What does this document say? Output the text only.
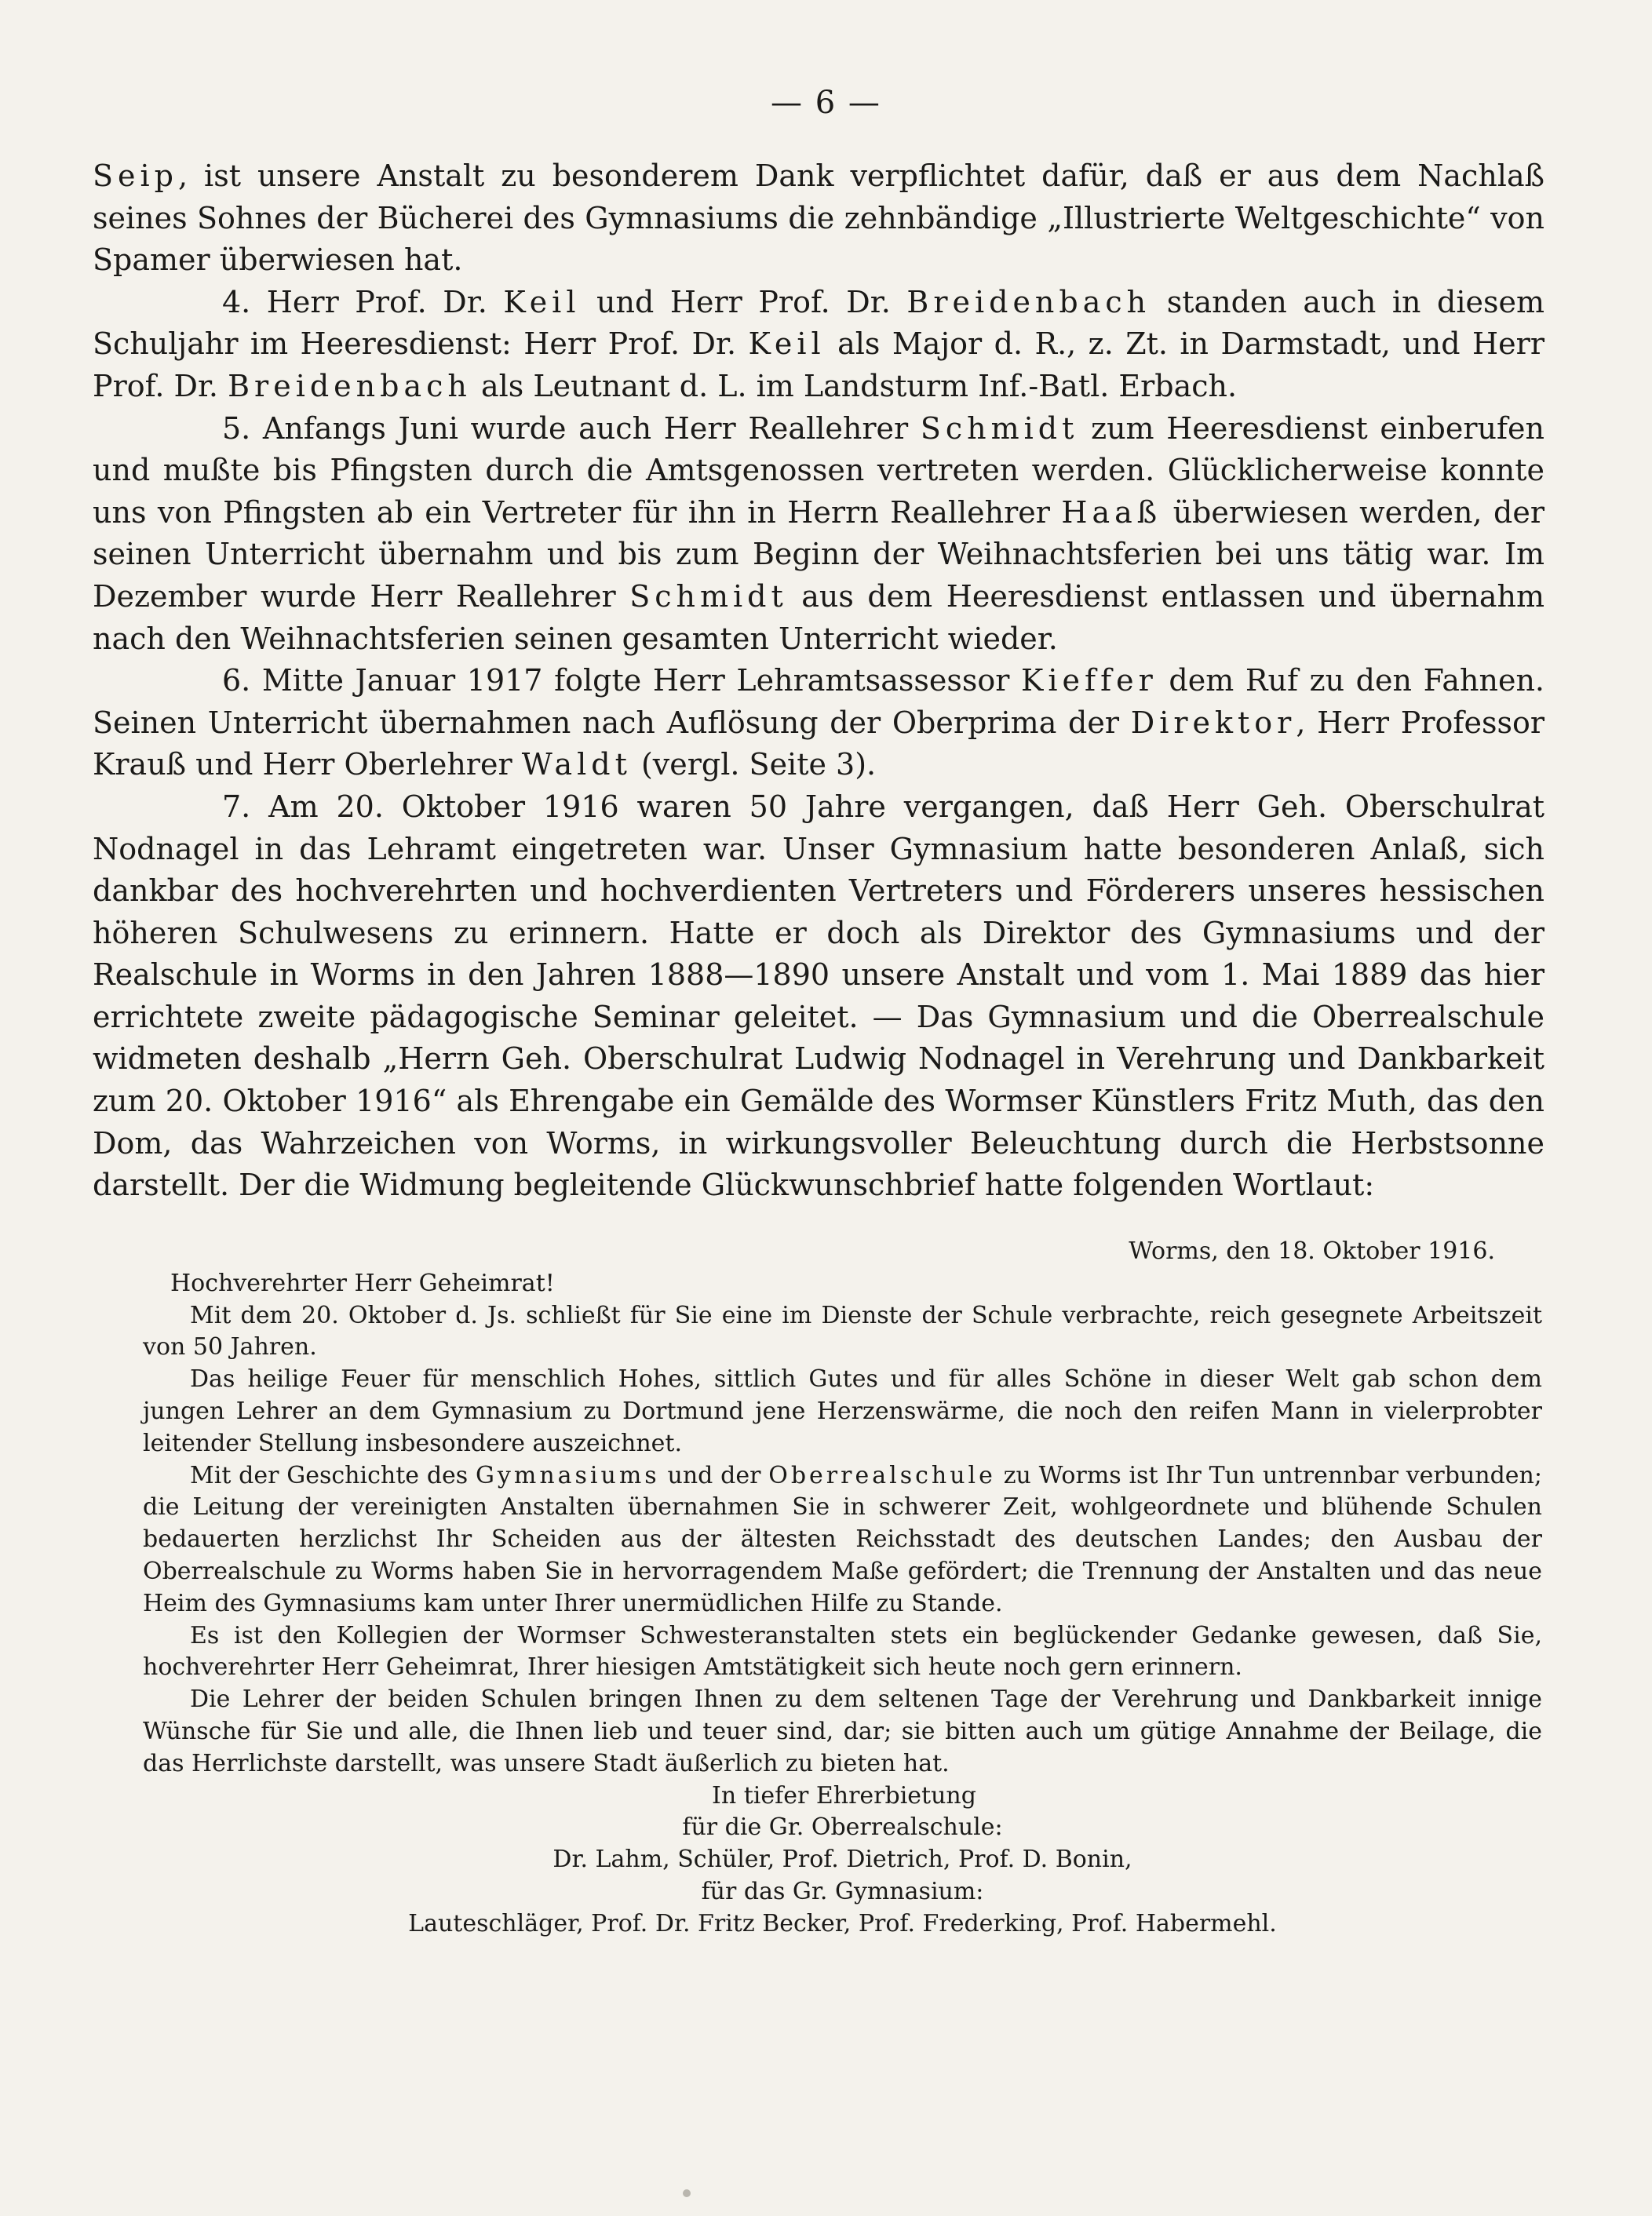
— 6 —

Seip, ist unsere Anstalt zu besonderem Dank verpflichtet dafür, daß er aus dem Nachlaß seines Sohnes der Bücherei des Gymnasiums die zehnbändige „Illustrierte Weltgeschichte“ von Spamer überwiesen hat.

4. Herr Prof. Dr. Keil und Herr Prof. Dr. Breidenbach standen auch in diesem Schuljahr im Heeresdienst: Herr Prof. Dr. Keil als Major d. R., z. Zt. in Darmstadt, und Herr Prof. Dr. Breidenbach als Leutnant d. L. im Landsturm Inf.-Batl. Erbach.

5. Anfangs Juni wurde auch Herr Reallehrer Schmidt zum Heeresdienst einberufen und mußte bis Pfingsten durch die Amtsgenossen vertreten werden. Glücklicherweise konnte uns von Pfingsten ab ein Vertreter für ihn in Herrn Reallehrer Haaß überwiesen werden, der seinen Unterricht übernahm und bis zum Beginn der Weihnachtsferien bei uns tätig war. Im Dezember wurde Herr Reallehrer Schmidt aus dem Heeresdienst entlassen und übernahm nach den Weihnachtsferien seinen gesamten Unterricht wieder.

6. Mitte Januar 1917 folgte Herr Lehramtsassessor Kieffer dem Ruf zu den Fahnen. Seinen Unterricht übernahmen nach Auflösung der Oberprima der Direktor, Herr Professor Krauß und Herr Oberlehrer Waldt (vergl. Seite 3).

7. Am 20. Oktober 1916 waren 50 Jahre vergangen, daß Herr Geh. Oberschulrat Nodnagel in das Lehramt eingetreten war. Unser Gymnasium hatte besonderen Anlaß, sich dankbar des hochverehrten und hochverdienten Vertreters und Förderers unseres hessischen höheren Schulwesens zu erinnern. Hatte er doch als Direktor des Gymnasiums und der Realschule in Worms in den Jahren 1888—1890 unsere Anstalt und vom 1. Mai 1889 das hier errichtete zweite pädagogische Seminar geleitet. — Das Gymnasium und die Oberrealschule widmeten deshalb „Herrn Geh. Oberschulrat Ludwig Nodnagel in Verehrung und Dankbarkeit zum 20. Oktober 1916“ als Ehrengabe ein Gemälde des Wormser Künstlers Fritz Muth, das den Dom, das Wahrzeichen von Worms, in wirkungsvoller Beleuchtung durch die Herbstsonne darstellt. Der die Widmung begleitende Glückwunschbrief hatte folgenden Wortlaut:

Worms, den 18. Oktober 1916.

Hochverehrter Herr Geheimrat!

Mit dem 20. Oktober d. Js. schließt für Sie eine im Dienste der Schule verbrachte, reich gesegnete Arbeitszeit von 50 Jahren.

Das heilige Feuer für menschlich Hohes, sittlich Gutes und für alles Schöne in dieser Welt gab schon dem jungen Lehrer an dem Gymnasium zu Dortmund jene Herzenswärme, die noch den reifen Mann in vielerprobter leitender Stellung insbesondere auszeichnet.

Mit der Geschichte des Gymnasiums und der Oberrealschule zu Worms ist Ihr Tun untrennbar verbunden; die Leitung der vereinigten Anstalten übernahmen Sie in schwerer Zeit, wohlgeordnete und blühende Schulen bedauerten herzlichst Ihr Scheiden aus der ältesten Reichsstadt des deutschen Landes; den Ausbau der Oberrealschule zu Worms haben Sie in hervorragendem Maße gefördert; die Trennung der Anstalten und das neue Heim des Gymnasiums kam unter Ihrer unermüdlichen Hilfe zu Stande.

Es ist den Kollegien der Wormser Schwesteranstalten stets ein beglückender Gedanke gewesen, daß Sie, hochverehrter Herr Geheimrat, Ihrer hiesigen Amtstätigkeit sich heute noch gern erinnern.

Die Lehrer der beiden Schulen bringen Ihnen zu dem seltenen Tage der Verehrung und Dankbarkeit innige Wünsche für Sie und alle, die Ihnen lieb und teuer sind, dar; sie bitten auch um gütige Annahme der Beilage, die das Herrlichste darstellt, was unsere Stadt äußerlich zu bieten hat.

In tiefer Ehrerbietung

für die Gr. Oberrealschule:

Dr. Lahm, Schüler, Prof. Dietrich, Prof. D. Bonin,

für das Gr. Gymnasium:

Lauteschläger, Prof. Dr. Fritz Becker, Prof. Frederking, Prof. Habermehl.
